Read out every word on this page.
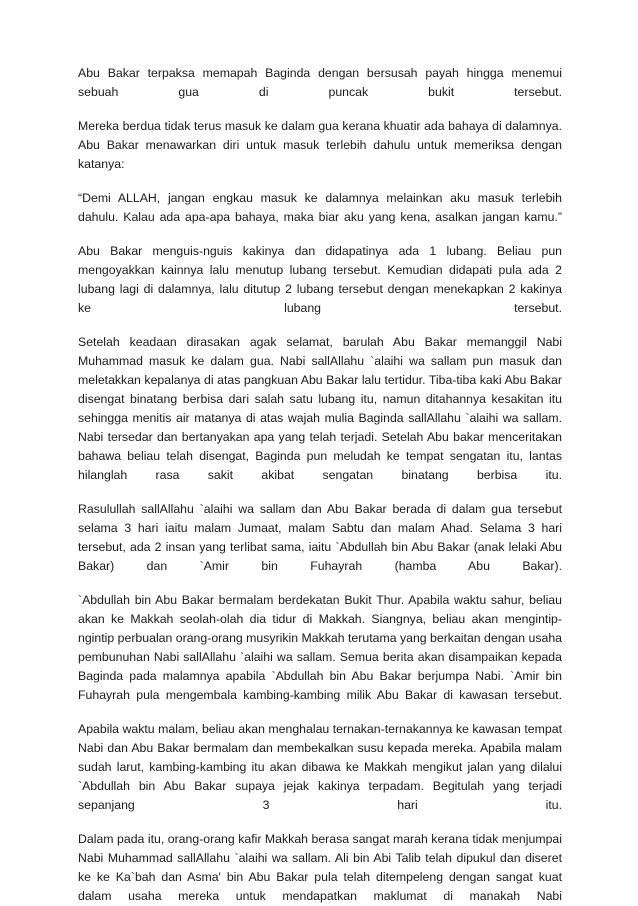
Abu Bakar terpaksa memapah Baginda dengan bersusah payah hingga menemui sebuah gua di puncak bukit tersebut.

Mereka berdua tidak terus masuk ke dalam gua kerana khuatir ada bahaya di dalamnya. Abu Bakar menawarkan diri untuk masuk terlebih dahulu untuk memeriksa dengan katanya:

“Demi ALLAH, jangan engkau masuk ke dalamnya melainkan aku masuk terlebih dahulu. Kalau ada apa-apa bahaya, maka biar aku yang kena, asalkan jangan kamu.”

Abu Bakar menguis-nguis kakinya dan didapatinya ada 1 lubang. Beliau pun mengoyakkan kainnya lalu menutup lubang tersebut. Kemudian didapati pula ada 2 lubang lagi di dalamnya, lalu ditutup 2 lubang tersebut dengan menekapkan 2 kakinya ke lubang tersebut.

Setelah keadaan dirasakan agak selamat, barulah Abu Bakar memanggil Nabi Muhammad masuk ke dalam gua. Nabi sallAllahu `alaihi wa sallam pun masuk dan meletakkan kepalanya di atas pangkuan Abu Bakar lalu tertidur. Tiba-tiba kaki Abu Bakar disengat binatang berbisa dari salah satu lubang itu, namun ditahannya kesakitan itu sehingga menitis air matanya di atas wajah mulia Baginda sallAllahu `alaihi wa sallam. Nabi tersedar dan bertanyakan apa yang telah terjadi. Setelah Abu bakar menceritakan bahawa beliau telah disengat, Baginda pun meludah ke tempat sengatan itu, lantas hilanglah rasa sakit akibat sengatan binatang berbisa itu.

Rasulullah sallAllahu `alaihi wa sallam dan Abu Bakar berada di dalam gua tersebut selama 3 hari iaitu malam Jumaat, malam Sabtu dan malam Ahad. Selama 3 hari tersebut, ada 2 insan yang terlibat sama, iaitu `Abdullah bin Abu Bakar (anak lelaki Abu Bakar) dan `Amir bin Fuhayrah (hamba Abu Bakar).

`Abdullah bin Abu Bakar bermalam berdekatan Bukit Thur. Apabila waktu sahur, beliau akan ke Makkah seolah-olah dia tidur di Makkah. Siangnya, beliau akan mengintip-ngintip perbualan orang-orang musyrikin Makkah terutama yang berkaitan dengan usaha pembunuhan Nabi sallAllahu `alaihi wa sallam. Semua berita akan disampaikan kepada Baginda pada malamnya apabila `Abdullah bin Abu Bakar berjumpa Nabi. `Amir bin Fuhayrah pula mengembala kambing-kambing milik Abu Bakar di kawasan tersebut.

Apabila waktu malam, beliau akan menghalau ternakan-ternakannya ke kawasan tempat Nabi dan Abu Bakar bermalam dan membekalkan susu kepada mereka. Apabila malam sudah larut, kambing-kambing itu akan dibawa ke Makkah mengikut jalan yang dilalui `Abdullah bin Abu Bakar supaya jejak kakinya terpadam. Begitulah yang terjadi sepanjang 3 hari itu.

Dalam pada itu, orang-orang kafir Makkah berasa sangat marah kerana tidak menjumpai Nabi Muhammad sallAllahu `alaihi wa sallam. Ali bin Abi Talib telah dipukul dan diseret ke ke Ka`bah dan Asma' bin Abu Bakar pula telah ditempeleng dengan sangat kuat dalam usaha mereka untuk mendapatkan maklumat di manakah Nabi
